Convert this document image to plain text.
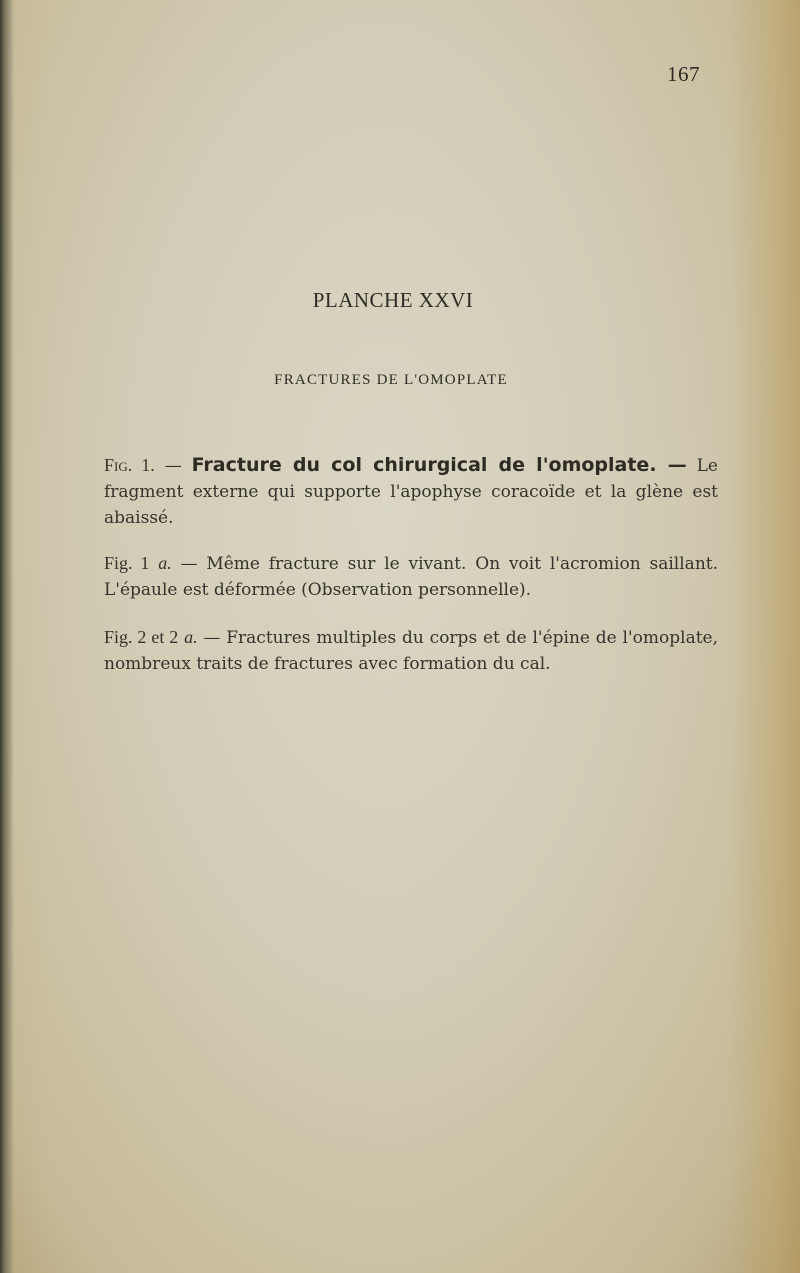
167
PLANCHE XXVI
FRACTURES DE L'OMOPLATE
Fig. 1. — Fracture du col chirurgical de l'omoplate. — Le fragment externe qui supporte l'apophyse coracoïde et la glène est abaissé.
Fig. 1 a. — Même fracture sur le vivant. On voit l'acromion saillant. L'épaule est déformée (Observation personnelle).
Fig. 2 et 2 a. — Fractures multiples du corps et de l'épine de l'omoplate, nombreux traits de fractures avec formation du cal.
